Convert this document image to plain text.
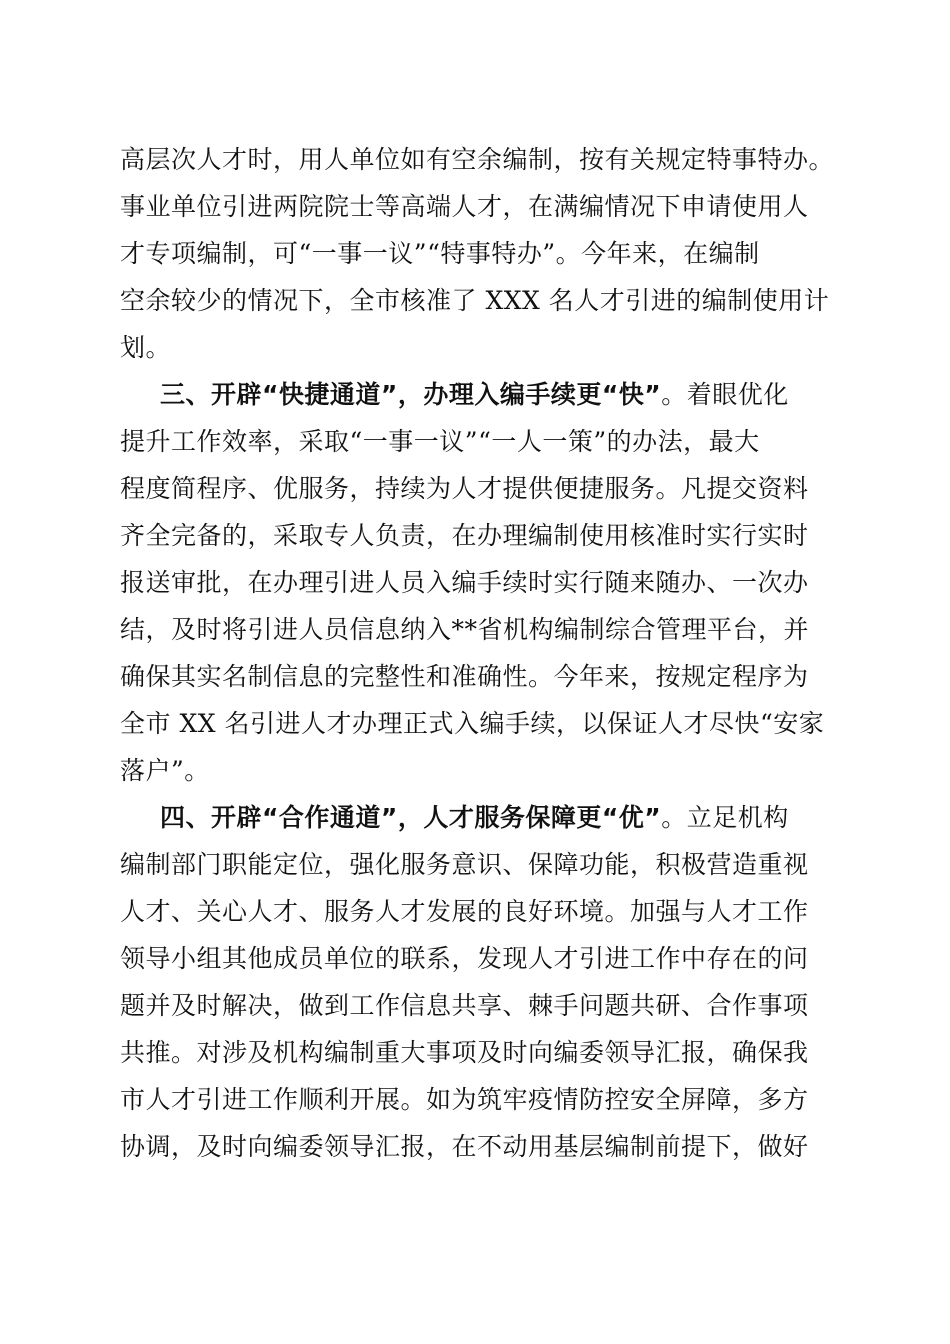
高层次人才时，用人单位如有空余编制，按有关规定特事特办。
事业单位引进两院院士等高端人才，在满编情况下申请使用人
才专项编制，可“一事一议”“特事特办”。今年来，在编制
空余较少的情况下，全市核准了 XXX 名人才引进的编制使用计
划。
三、开辟“快捷通道”，办理入编手续更“快”。着眼优化
提升工作效率，采取“一事一议”“一人一策”的办法，最大
程度简程序、优服务，持续为人才提供便捷服务。凡提交资料
齐全完备的，采取专人负责，在办理编制使用核准时实行实时
报送审批，在办理引进人员入编手续时实行随来随办、一次办
结，及时将引进人员信息纳入**省机构编制综合管理平台，并
确保其实名制信息的完整性和准确性。今年来，按规定程序为
全市 XX 名引进人才办理正式入编手续，以保证人才尽快“安家
落户”。
四、开辟“合作通道”，人才服务保障更“优”。立足机构
编制部门职能定位，强化服务意识、保障功能，积极营造重视
人才、关心人才、服务人才发展的良好环境。加强与人才工作
领导小组其他成员单位的联系，发现人才引进工作中存在的问
题并及时解决，做到工作信息共享、棘手问题共研、合作事项
共推。对涉及机构编制重大事项及时向编委领导汇报，确保我
市人才引进工作顺利开展。如为筑牢疫情防控安全屏障，多方
协调，及时向编委领导汇报，在不动用基层编制前提下，做好
